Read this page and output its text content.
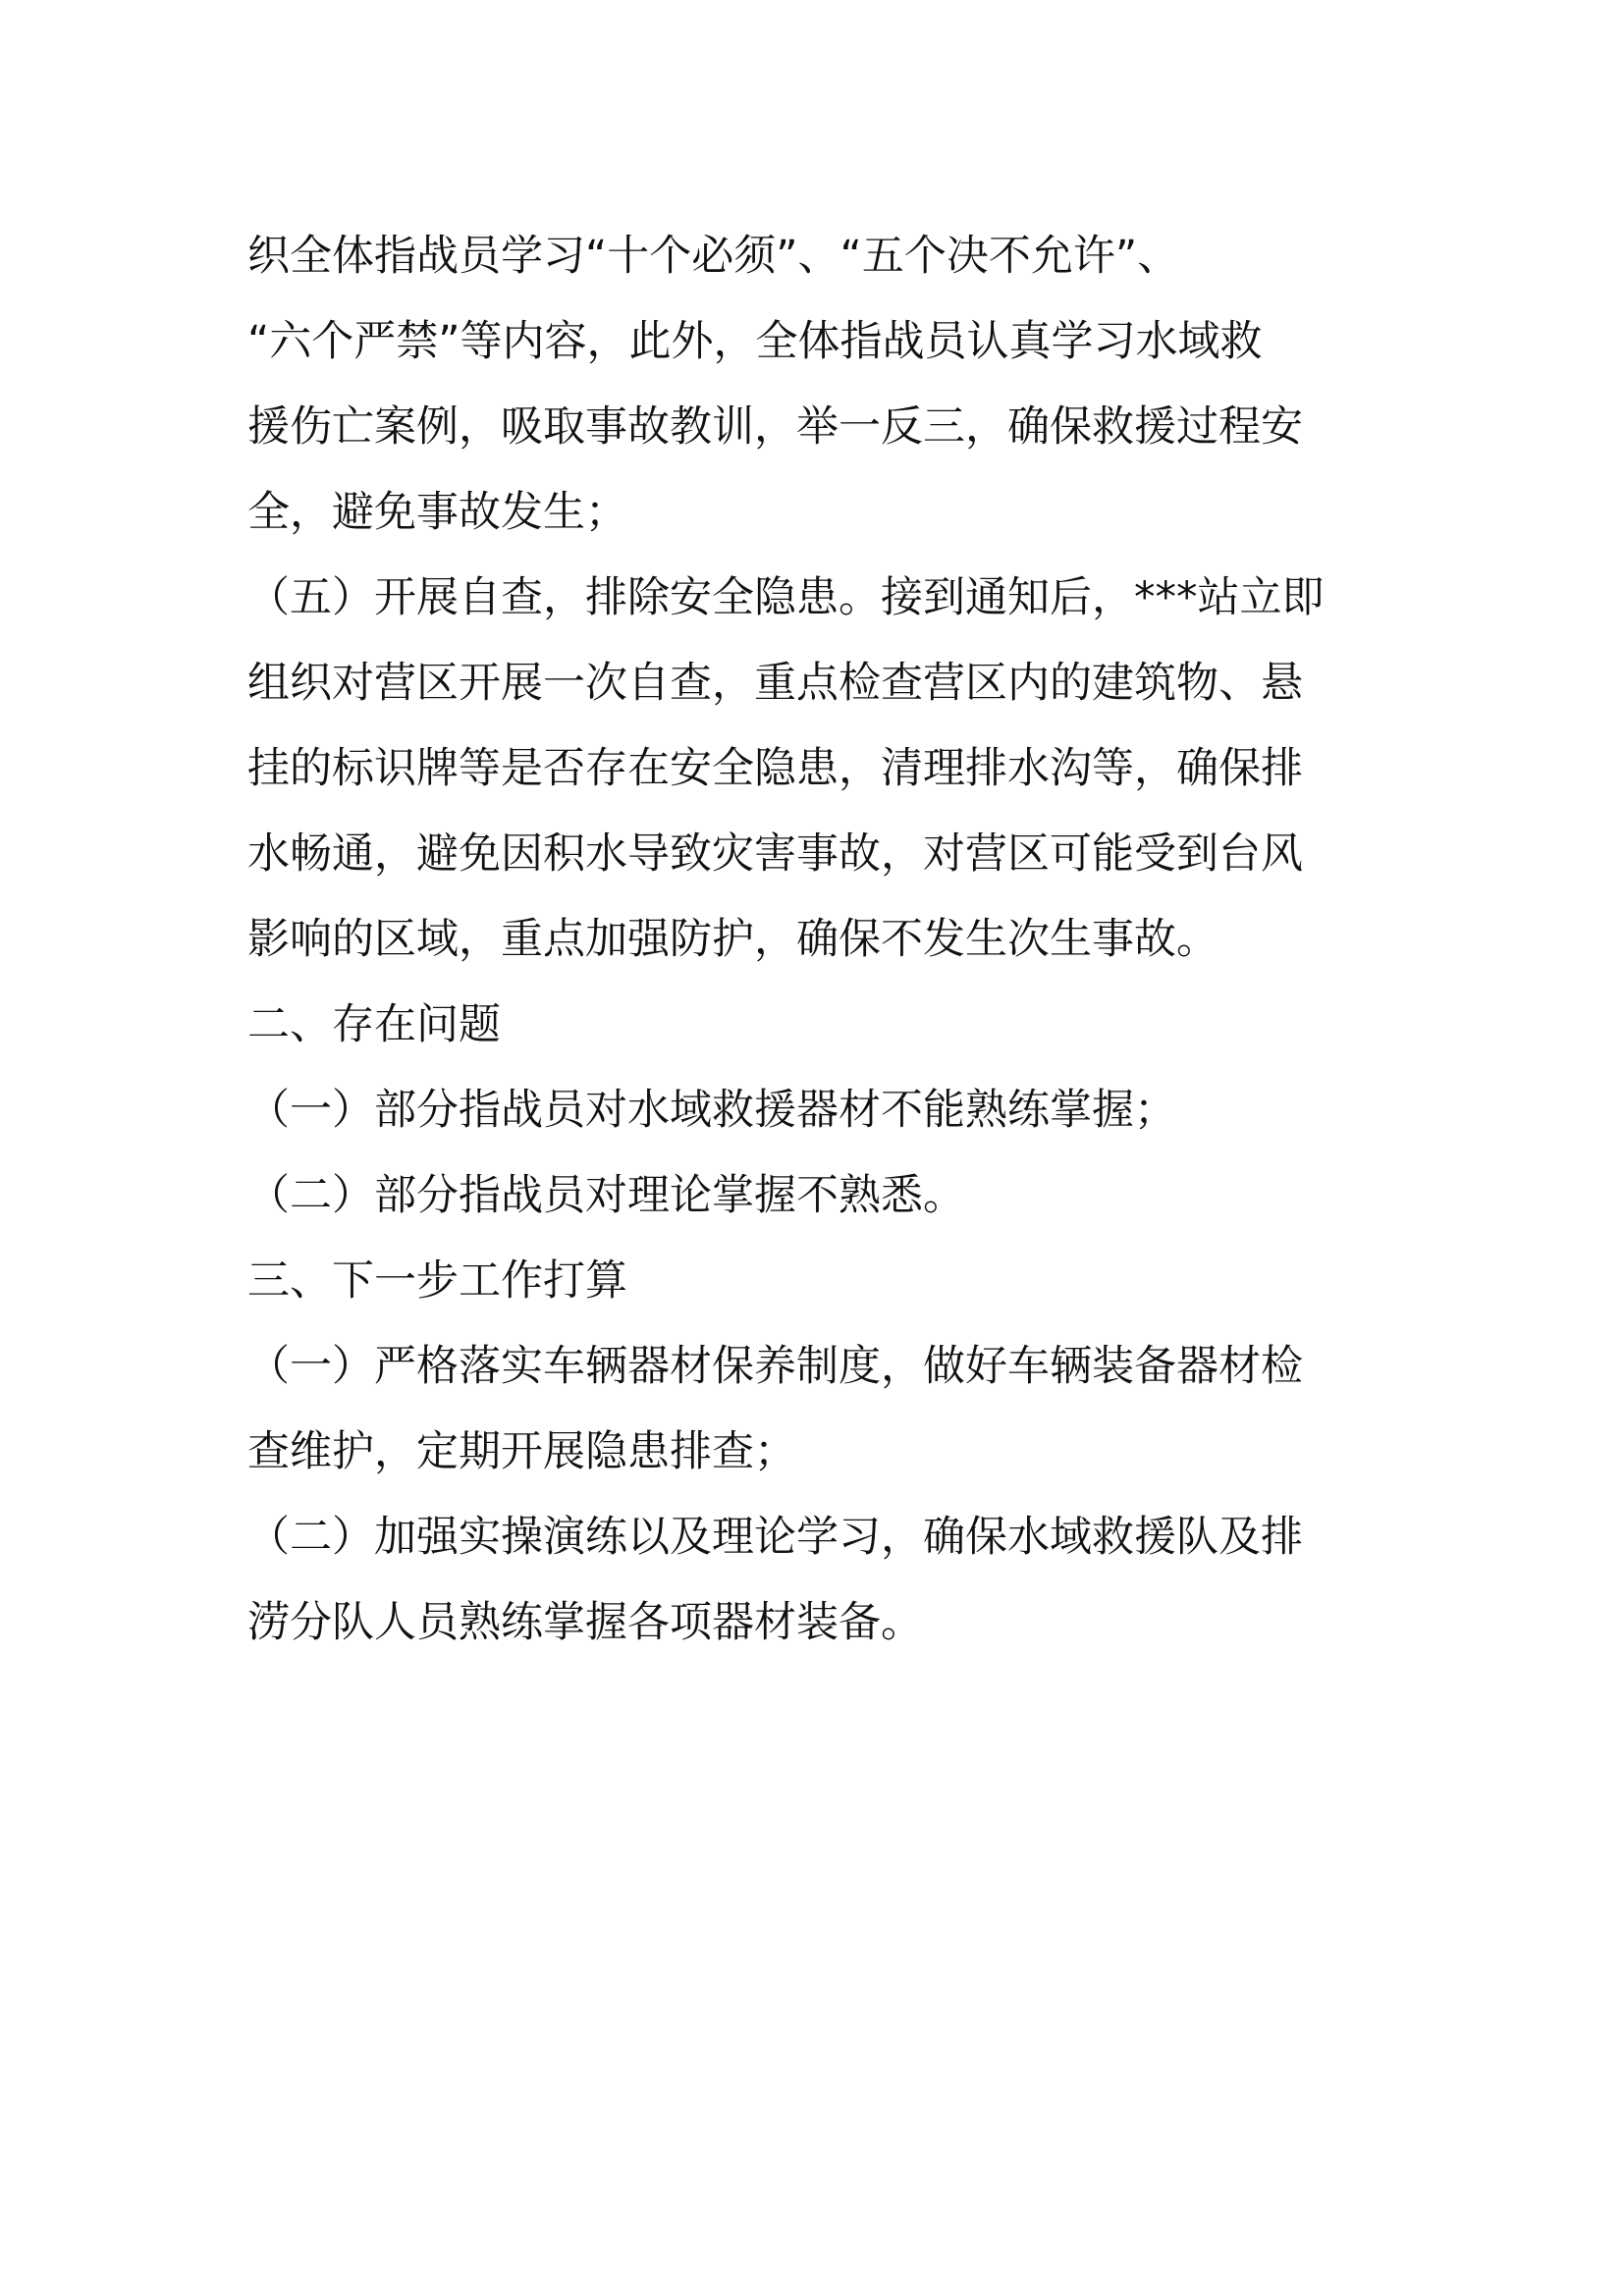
织全体指战员学习“十个必须”、“五个决不允许”、
“六个严禁”等内容，此外，全体指战员认真学习水域救
援伤亡案例，吸取事故教训，举一反三，确保救援过程安
全，避免事故发生；
（五）开展自查，排除安全隐患。接到通知后，***站立即
组织对营区开展一次自查，重点检查营区内的建筑物、悬
挂的标识牌等是否存在安全隐患，清理排水沟等，确保排
水畅通，避免因积水导致灾害事故，对营区可能受到台风
影响的区域，重点加强防护，确保不发生次生事故。
二、存在问题
（一）部分指战员对水域救援器材不能熟练掌握；
（二）部分指战员对理论掌握不熟悉。
三、下一步工作打算
（一）严格落实车辆器材保养制度，做好车辆装备器材检
查维护，定期开展隐患排查；
（二）加强实操演练以及理论学习，确保水域救援队及排
涝分队人员熟练掌握各项器材装备。
